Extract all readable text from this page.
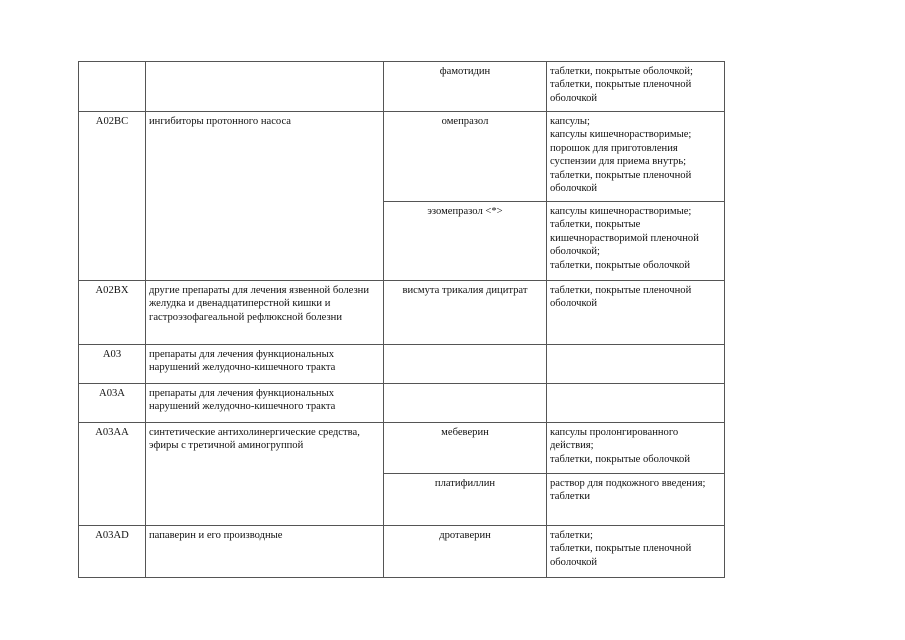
		фамотидин	таблетки, покрытые оболочкой;
таблетки, покрытые пленочной оболочкой
A02BC	ингибиторы протонного насоса	омепразол	капсулы;
капсулы кишечнорастворимые;
порошок для приготовления суспензии для приема внутрь;
таблетки, покрытые пленочной оболочкой
		эзомепразол <*>	капсулы кишечнорастворимые;
таблетки, покрытые кишечнорастворимой пленочной оболочкой;
таблетки, покрытые оболочкой
A02BX	другие препараты для лечения язвенной болезни желудка и двенадцатиперстной кишки и гастроэзофагеальной рефлюксной болезни	висмута трикалия дицитрат	таблетки, покрытые пленочной оболочкой
A03	препараты для лечения функциональных нарушений желудочно-кишечного тракта		
A03A	препараты для лечения функциональных нарушений желудочно-кишечного тракта		
A03AA	синтетические антихолинергические средства,
эфиры с третичной аминогруппой	мебеверин	капсулы пролонгированного действия;
таблетки, покрытые оболочкой
		платифиллин	раствор для подкожного введения;
таблетки
A03AD	папаверин и его производные	дротаверин	таблетки;
таблетки, покрытые пленочной оболочкой
